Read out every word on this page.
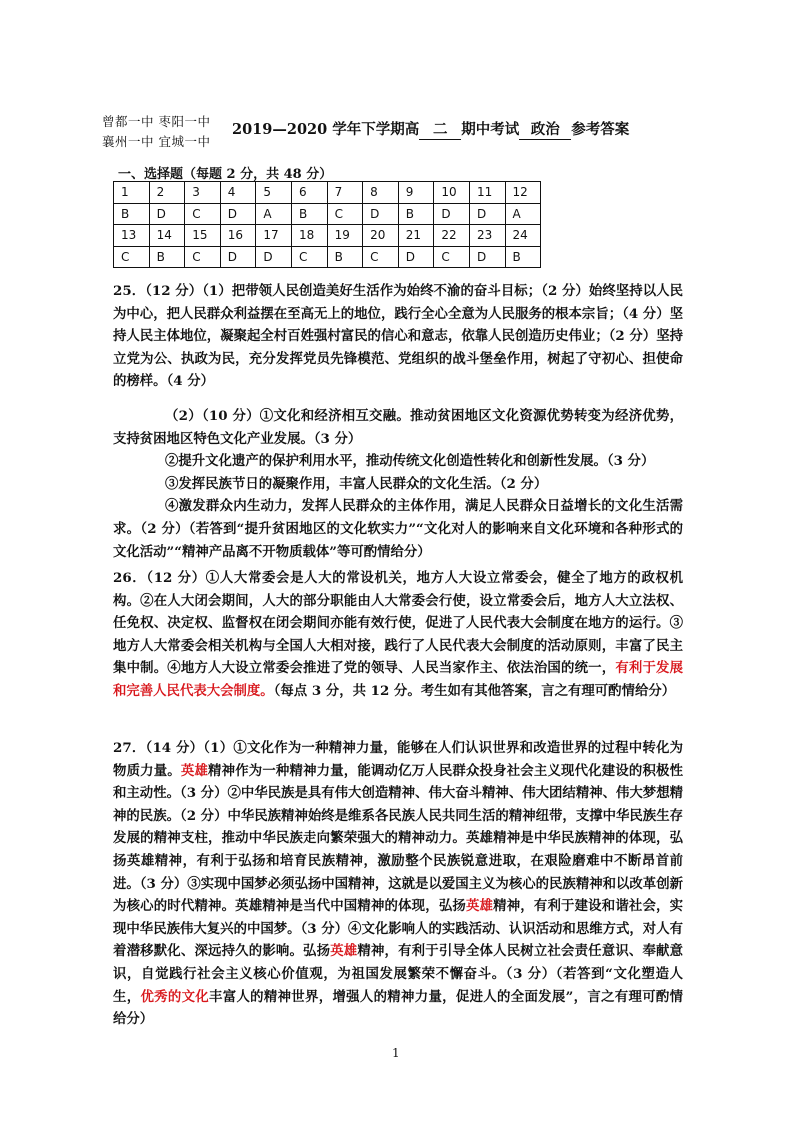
曾都一中 枣阳一中
襄州一中 宜城一中
2019—2020 学年下学期高 二 期中考试 政治 参考答案
一、选择题（每题 2 分，共 48 分）
1	2	3	4	5	6	7	8	9	10	11	12
B	D	C	D	A	B	C	D	B	D	D	A
13	14	15	16	17	18	19	20	21	22	23	24
C	B	C	D	D	C	B	C	D	C	D	B

25．（12 分）（1）把带领人民创造美好生活作为始终不渝的奋斗目标；（2 分）始终坚持以人民为中心，把人民群众利益摆在至高无上的地位，践行全心全意为人民服务的根本宗旨；（4 分）坚持人民主体地位，凝聚起全村百姓强村富民的信心和意志，依靠人民创造历史伟业；（2 分）坚持立党为公、执政为民，充分发挥党员先锋模范、党组织的战斗堡垒作用，树起了守初心、担使命的榜样。（4 分）

（2）（10 分）①文化和经济相互交融。推动贫困地区文化资源优势转变为经济优势，支持贫困地区特色文化产业发展。（3 分）

②提升文化遗产的保护利用水平，推动传统文化创造性转化和创新性发展。（3 分）

③发挥民族节日的凝聚作用，丰富人民群众的文化生活。（2 分）

④激发群众内生动力，发挥人民群众的主体作用，满足人民群众日益增长的文化生活需求。（2 分）（若答到“提升贫困地区的文化软实力”“文化对人的影响来自文化环境和各种形式的文化活动”“精神产品离不开物质载体”等可酌情给分）

26．（12 分）①人大常委会是人大的常设机关，地方人大设立常委会，健全了地方的政权机构。②在人大闭会期间，人大的部分职能由人大常委会行使，设立常委会后，地方人大立法权、任免权、决定权、监督权在闭会期间亦能有效行使，促进了人民代表大会制度在地方的运行。③地方人大常委会相关机构与全国人大相对接，践行了人民代表大会制度的活动原则，丰富了民主集中制。④地方人大设立常委会推进了党的领导、人民当家作主、依法治国的统一，有利于发展和完善人民代表大会制度。（每点 3 分，共 12 分。考生如有其他答案，言之有理可酌情给分）

27．（14 分）（1）①文化作为一种精神力量，能够在人们认识世界和改造世界的过程中转化为物质力量。英雄精神作为一种精神力量，能调动亿万人民群众投身社会主义现代化建设的积极性和主动性。（3 分）②中华民族是具有伟大创造精神、伟大奋斗精神、伟大团结精神、伟大梦想精神的民族。（2 分）中华民族精神始终是维系各民族人民共同生活的精神纽带，支撑中华民族生存发展的精神支柱，推动中华民族走向繁荣强大的精神动力。英雄精神是中华民族精神的体现，弘扬英雄精神，有利于弘扬和培育民族精神，激励整个民族锐意进取，在艰险磨难中不断昂首前进。（3 分）③实现中国梦必须弘扬中国精神，这就是以爱国主义为核心的民族精神和以改革创新为核心的时代精神。英雄精神是当代中国精神的体现，弘扬英雄精神，有利于建设和谐社会，实现中华民族伟大复兴的中国梦。（3 分）④文化影响人的实践活动、认识活动和思维方式，对人有着潜移默化、深远持久的影响。弘扬英雄精神，有利于引导全体人民树立社会责任意识、奉献意识，自觉践行社会主义核心价值观，为祖国发展繁荣不懈奋斗。（3 分）（若答到“文化塑造人生，优秀的文化丰富人的精神世界，增强人的精神力量，促进人的全面发展”，言之有理可酌情给分）

1
